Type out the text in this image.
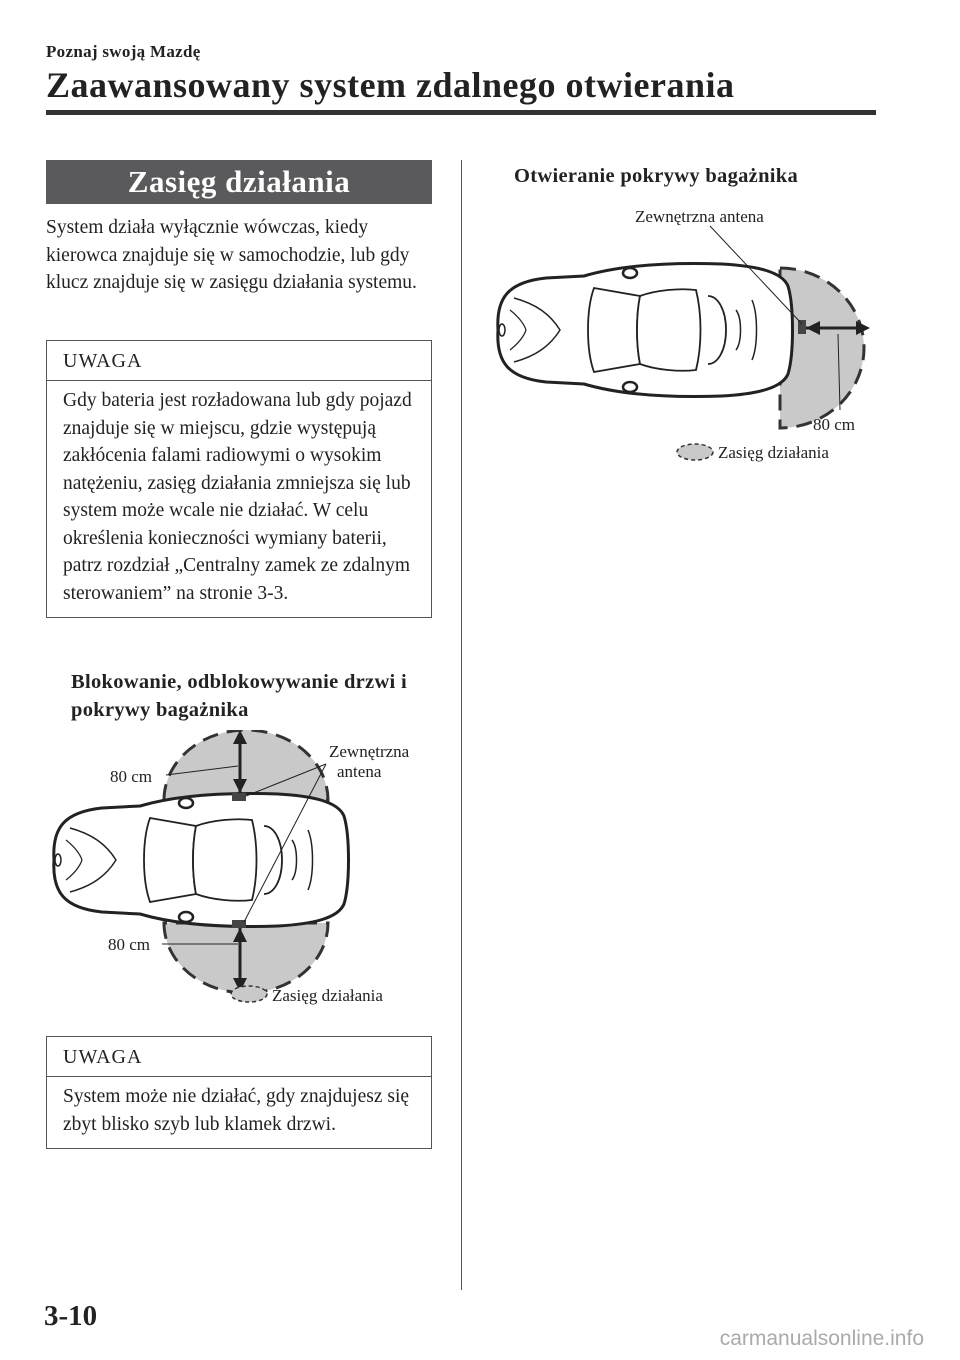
Poznaj swoją Mazdę
Zaawansowany system zdalnego otwierania
Zasięg działania

System działa wyłącznie wówczas, kiedy kierowca znajduje się w samochodzie, lub gdy klucz znajduje się w zasięgu działania systemu.

UWAGA
Gdy bateria jest rozładowana lub gdy pojazd znajduje się w miejscu, gdzie występują zakłócenia falami radiowymi o wysokim natężeniu, zasięg działania zmniejsza się lub system może wcale nie działać. W celu określenia konieczności wymiany baterii, patrz rozdział „Centralny zamek ze zdalnym sterowaniem” na stronie 3-3.
Blokowanie, odblokowywanie drzwi i pokrywy bagażnika
80 cm
80 cm
Zewnętrzna
antena
Zasięg działania
UWAGA
System może nie działać, gdy znajdujesz się zbyt blisko szyb lub klamek drzwi.
Otwieranie pokrywy bagażnika
Zewnętrzna antena
80 cm
Zasięg działania
3-10
carmanualsonline.info
